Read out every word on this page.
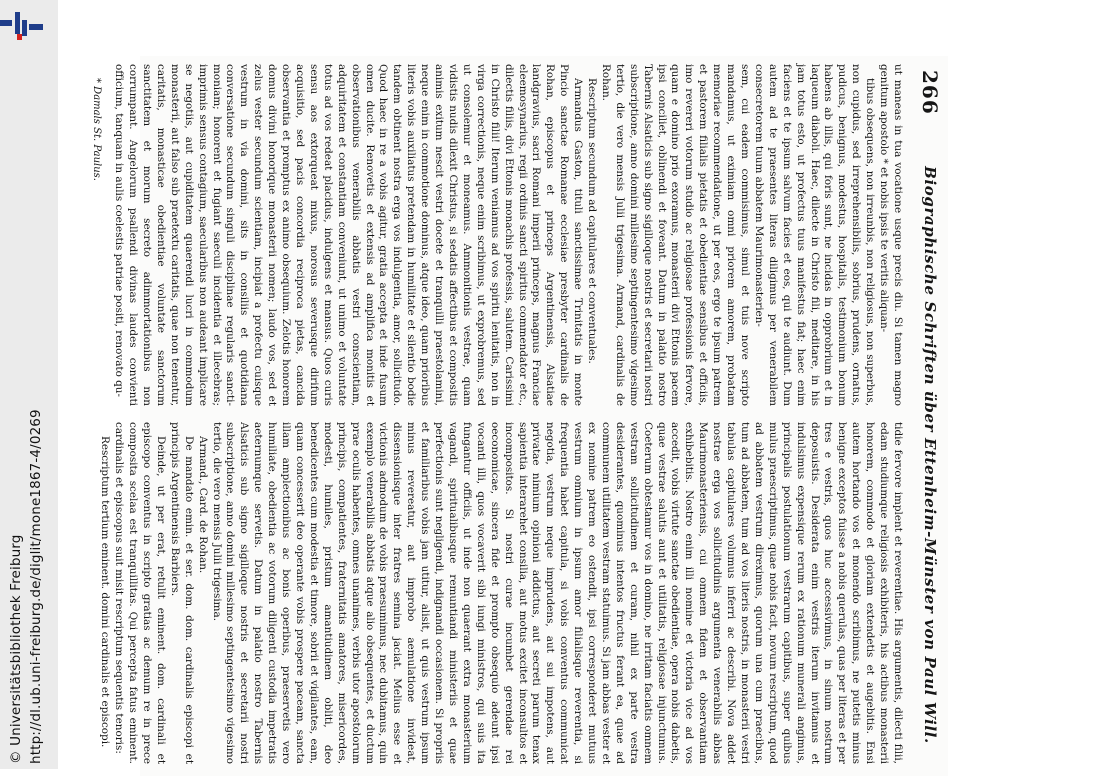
http://dl.ub.uni-freiburg.de/diglit/mone1867-4/0269
© Universitätsbibliothek Freiburg
266
Biographische Schriften über Ettenheim-Münster von Paul Will.

ut maneas in tua vocatione usque precis diu. Si tamen magno genitum apostolo * et nobis ipsis te veritis aliquan-

tibus obsequens, non irreunbis, non religiosus, non superbus, non cupidus, sed irreprehensibilis, sobrius, prudens, ornatus, pudicus, benignus, modestus, hospitalis, testimonium bonum habens ab illis, qui foris sunt, ne incidas in opprobrium et in laqueum diaboli. Haec, dilecte in Christo fili, meditare, in his jam totus esto, ut profectus tuus manifestus fiat; haec enim faciens et te ipsum salvum facies et eos, qui te audiunt. Dum autem ad te praesentes literas diligimus per venerabilem consecretorem tuum abbatem Maurimonasterien-

sem, cui eadem commisimus, simul et tuis nove scripto mandamus, ut eximiam omni priorem amorem, probatam memoriae recommendatione, ut per eos, ergo te ipsum patrem et pastorem filialis pietatis et obedientiae sensibus et officiis, imo revereri votorum studio ac religiosae professionis fervore, quam e domino prio exoramus, monasterii divi Ettonis pacem ipsi conciliet, oblinendi et foveant. Datum in palatio nostro Tabernis Alsaticis sub signo sigilloque nostris et secretarii nostri subscriptione, anno domini millesimo septingentesimo vigesimo tertio, die vero mensis Julii trigesima. Armand, cardinalis de Rohan.

Rescriptum secundum ad capitulares et conventuales.

Armandus Gaston, tituli sanctissimae Trinitatis in monte Pincio sanctae Romanae ecclesiae presbyter cardinalis de Rohan, episcopus et princeps Argentinensis, Alsatiae landgravius, sacri Romani imperii princeps, magnus Franciae eleemosynarius, regii ordinis sancti spiritus commendator etc., dilectis filiis, divi Ettonis monachis professis, salutem. Carissimi in Christo filii! Iterum veniamus ad vos spiritu lenitatis, non in virga correctionis, neque enim scribimus, ut exprobremus, sed ut consolemur et moneamus. Ammonitionis vestrae, quam vidistis nudis dilexit Christus, si sedatis affectibus et compositis animis exitum nescit vestri docete et tranquilli praestolamini, neque enim in commotione dominus, atque ideo, quam prioribus literis vobis auxiliatus pretendam in humilitate et silentio bodie tandem obtinent nostra erga vos indulgentia, amor, sollicitudo. Quod haec in re a vobis agitur, gratia accepta et inde fusum omen ducite. Renovetis et extensis ad amplifica monitis et observationibus venerabilis abbatis vestri conscientiam, adquiritatem et constantiam conveniunt, ut unimo et voluntate totus ad vos redeat placidus, indulgens et mansus. Quos curis sensu aos extorqueat mixus, norosus severusque dirifum acquisitio, sed pacis concordia reciproca pietas, cancida observantia et promptus ex animo obsequium. Zelotis honorem domus divini honorique monasterii nomen; laudo vos, sed et zelus vester secundum scientiam, incipiat a profectu cuisque vestrum in via domini, sits in consiliis et quotidiana conversatione secundum singuli disciplinae regularis sancti-moniam; honorent et fugiant saeculi incidentia et illecebras; imprimis sensus contagium, saecularibus non audeant implicare se negotiis, aut cupiditatem quaerendi lucri in commodum monasterii, aut falso sub praetextu caritatis, quae non tenentur, caritatis, monasticae obedientiae voluntate sanctorum sanctitatem et morum secreto adimmortationibus non corrumpant. Angelorum psallendi divinas laudes convienti officium, tanquam in aulis coelestis patriae positi, renovato qu-

* Damals St. Paulus.

tidie fervore implent et reverentiae. His argumentis, dilecti filii, edam studiumque religiosis exhibiteris, his actibus monasterii honorem, commodo et gloriam extendetis et augebitis. Ensi autem hortando vos et monendo scribimus, ne putetis minus benigne exceptos fuisse a nobis querulas, quas per literas et per tres e vestris, quos huc accessivimus, in sinum nostrum deposuistis. Desiderata enim vestris iterum invitamus et indulsimus expensique rerum ex rationum munerali angimus, principalis postulationum vestrarum capitibus, super quibus mulus praescriptimus, quae nobis facit, novum rescriptum, quod ad abbatem vestrum direximus, quorum una cum praecibus, tum ad abbatem, tum ad vos literis nostris, in monasterii vestri tabulas capitulares volumus inferri ac describi. Nova addet nostrae erga vos sollicitudinis argumenta venerabilis abbas Maurimonasteriensis, cui omnem fidem et observantiam exhibebitis. Nostro enim illi nomine et victoria vice ad vos accedit, vobis virtute sanctae obedientiae, opera nobis dabetis, quae vestrae salutis aunt et utilitatis, religiosae injunctumus. Coeterum obtestamur vos in domino, ne irritam faciatis omnem vestram sollicitudinem et curam, nihil ex parte vestra desiderantes, quominus intentos fructus ferant ea, quae ad communem utilitatem vestram statuimus. Si jam abbas vester et ex nomine patrem eo ostendit, ipsi corresponderet mutuus vestrum omnium in ipsum amor filialisque reverentia, si frequentia habet capitula, si vobis conventus communicat negotia, vestrum neque imprudens, aut sui impotens, aut privatae nimium opinioni addictus, aut secreti parum tenax sapientia interarehet consilia, aut motus excitet inconsultos et incompositos. Si nostri curae incumbet gerendae rei oeconomicae, sincera fide et prompto obsequio adeunt ipsi vocanti illi, quos vocaverit sibi iungi ministros, qui suis ita fungantur officiis, ut inde non quaerant extra monasterium vagandi, spiritualibusque remuntiandi ministeriis et quae perfectionis sunt negligendi, indignandi occasionem. Si propriis et familiaribus vobis jam utitur, alisit, ut quis vestrum ipsum minus revereatur, aut improbo aemulatione invideat, dissensionisque inter fratres semina jaciat. Melius esse et victionis admodum de vobis praesumimus, nec dubitamus, quin exemplo venerabilis abbatis atque alio obsequentes, et ductum prae oculis habentes, omnes unanimes, verbis utor apostolorum principis, compatientes, fraternitatis amatores, misericordes, modesti, humiles, pristum amantiudinem obliti, deo benedicentes cum modestia et timore, sobrii et vigilantes, eam, quam concesserit deo operante vobis prospere paceam, sancta illam amplectionibus ac bonis operibus, praeservetis vero humiliate, obedientia ac votorum diligenti custodia impetratis aeternumque servetis. Datum in palatio nostro Tabernis Alsaticis sub signo sigilloque nostris et secretarii nostri subscriptione, anno domini millesimo septingentesimo vigesimo tertio, die vero mensis Julii trigesima.

Armand., Card. de Rohan.

De mandato emin. et ser. dom. dom. cardinalis episcopi et principis Argentinensis Barbiers.

Deinde, ut per erat, retulit eminent. dom. cardinali et episcopo conventus in scripto gratias ac demum re in prece composita scelaa est tranquillitas. Qui percepta fatus eminent. cardinalis et episcopus suit misit rescriptum sequentis tenoris:

Rescriptum tertium eminent. domini cardinalis et episcopi.
